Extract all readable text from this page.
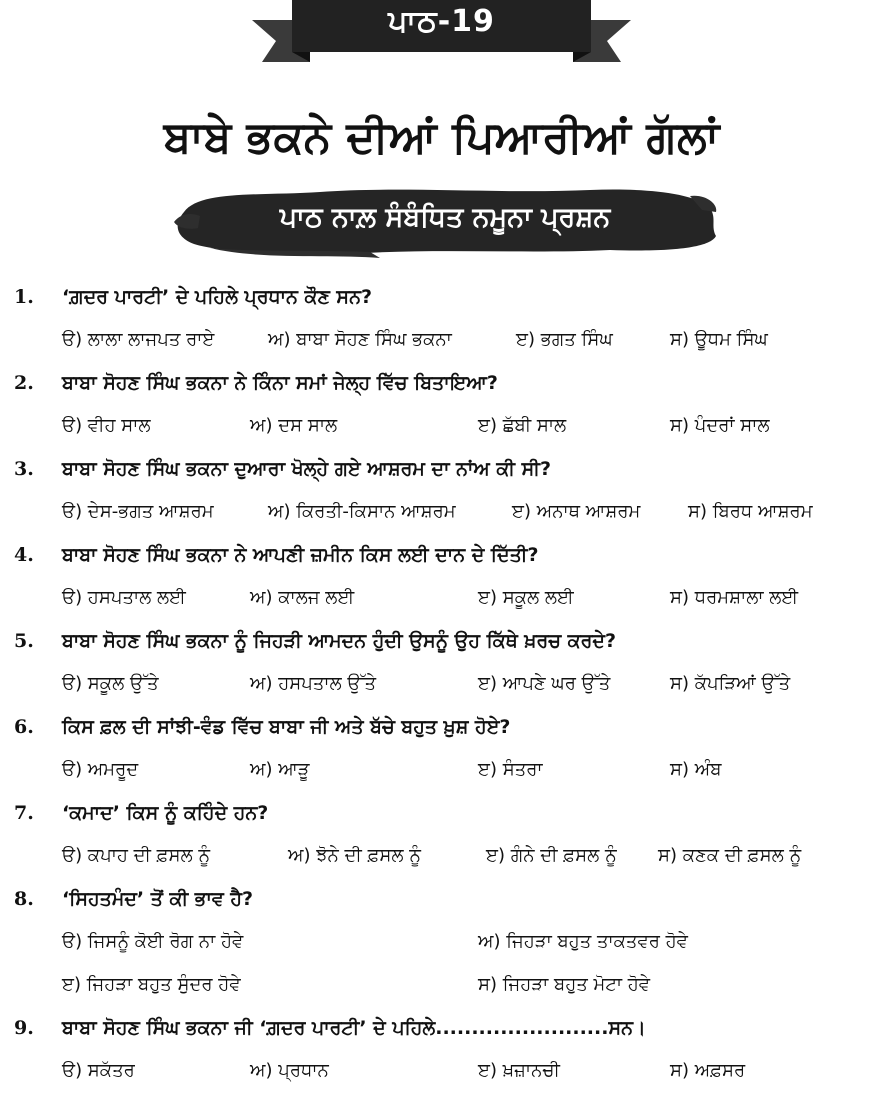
ਪਾਠ-19
ਬਾਬੇ ਭਕਨੇ ਦੀਆਂ ਪਿਆਰੀਆਂ ਗੱਲਾਂ
ਪਾਠ ਨਾਲ਼ ਸੰਬੰਧਿਤ ਨਮੂਨਾ ਪ੍ਰਸ਼ਨ
1. ‘ਗ਼ਦਰ ਪਾਰਟੀ’ ਦੇ ਪਹਿਲੇ ਪ੍ਰਧਾਨ ਕੌਣ ਸਨ?
ੳ) ਲਾਲਾ ਲਾਜਪਤ ਰਾਏ	ਅ) ਬਾਬਾ ਸੋਹਣ ਸਿੰਘ ਭਕਨਾ	ੲ) ਭਗਤ ਸਿੰਘ	ਸ) ਊਧਮ ਸਿੰਘ
2. ਬਾਬਾ ਸੋਹਣ ਸਿੰਘ ਭਕਨਾ ਨੇ ਕਿੰਨਾ ਸਮਾਂ ਜੇਲ੍ਹ ਵਿੱਚ ਬਿਤਾਇਆ?
ੳ) ਵੀਹ ਸਾਲ	ਅ) ਦਸ ਸਾਲ	ੲ) ਛੱਬੀ ਸਾਲ	ਸ) ਪੰਦਰਾਂ ਸਾਲ
3. ਬਾਬਾ ਸੋਹਣ ਸਿੰਘ ਭਕਨਾ ਦੁਆਰਾ ਖੋਲ੍ਹੇ ਗਏ ਆਸ਼ਰਮ ਦਾ ਨਾਂਅ ਕੀ ਸੀ?
ੳ) ਦੇਸ-ਭਗਤ ਆਸ਼ਰਮ	ਅ) ਕਿਰਤੀ-ਕਿਸਾਨ ਆਸ਼ਰਮ	ੲ) ਅਨਾਥ ਆਸ਼ਰਮ	ਸ) ਬਿਰਧ ਆਸ਼ਰਮ
4. ਬਾਬਾ ਸੋਹਣ ਸਿੰਘ ਭਕਨਾ ਨੇ ਆਪਣੀ ਜ਼ਮੀਨ ਕਿਸ ਲਈ ਦਾਨ ਦੇ ਦਿੱਤੀ?
ੳ) ਹਸਪਤਾਲ ਲਈ	ਅ) ਕਾਲਜ ਲਈ	ੲ) ਸਕੂਲ ਲਈ	ਸ) ਧਰਮਸ਼ਾਲਾ ਲਈ
5. ਬਾਬਾ ਸੋਹਣ ਸਿੰਘ ਭਕਨਾ ਨੂੰ ਜਿਹੜੀ ਆਮਦਨ ਹੁੰਦੀ ਉਸਨੂੰ ਉਹ ਕਿੱਥੇ ਖ਼ਰਚ ਕਰਦੇ?
ੳ) ਸਕੂਲ ਉੱਤੇ	ਅ) ਹਸਪਤਾਲ ਉੱਤੇ	ੲ) ਆਪਣੇ ਘਰ ਉੱਤੇ	ਸ) ਕੱਪੜਿਆਂ ਉੱਤੇ
6. ਕਿਸ ਫ਼ਲ ਦੀ ਸਾਂਝੀ-ਵੰਡ ਵਿੱਚ ਬਾਬਾ ਜੀ ਅਤੇ ਬੱਚੇ ਬਹੁਤ ਖ਼ੁਸ਼ ਹੋਏ?
ੳ) ਅਮਰੂਦ	ਅ) ਆੜੂ	ੲ) ਸੰਤਰਾ	ਸ) ਅੰਬ
7. ‘ਕਮਾਦ’ ਕਿਸ ਨੂੰ ਕਹਿੰਦੇ ਹਨ?
ੳ) ਕਪਾਹ ਦੀ ਫ਼ਸਲ ਨੂੰ	ਅ) ਝੋਨੇ ਦੀ ਫ਼ਸਲ ਨੂੰ	ੲ) ਗੰਨੇ ਦੀ ਫ਼ਸਲ ਨੂੰ ਸ) ਕਣਕ ਦੀ ਫ਼ਸਲ ਨੂੰ
8. ‘ਸਿਹਤਮੰਦ’ ਤੋਂ ਕੀ ਭਾਵ ਹੈ?
ੳ) ਜਿਸਨੂੰ ਕੋਈ ਰੋਗ ਨਾ ਹੋਵੇ	ਅ) ਜਿਹੜਾ ਬਹੁਤ ਤਾਕਤਵਰ ਹੋਵੇ
ੲ) ਜਿਹੜਾ ਬਹੁਤ ਸੁੰਦਰ ਹੋਵੇ	ਸ) ਜਿਹੜਾ ਬਹੁਤ ਮੋਟਾ ਹੋਵੇ
9. ਬਾਬਾ ਸੋਹਣ ਸਿੰਘ ਭਕਨਾ ਜੀ ‘ਗ਼ਦਰ ਪਾਰਟੀ’ ਦੇ ਪਹਿਲੇ........................ਸਨ।
ੳ) ਸਕੱਤਰ	ਅ) ਪ੍ਰਧਾਨ	ੲ) ਖ਼ਜ਼ਾਨਚੀ	ਸ) ਅਫ਼ਸਰ
